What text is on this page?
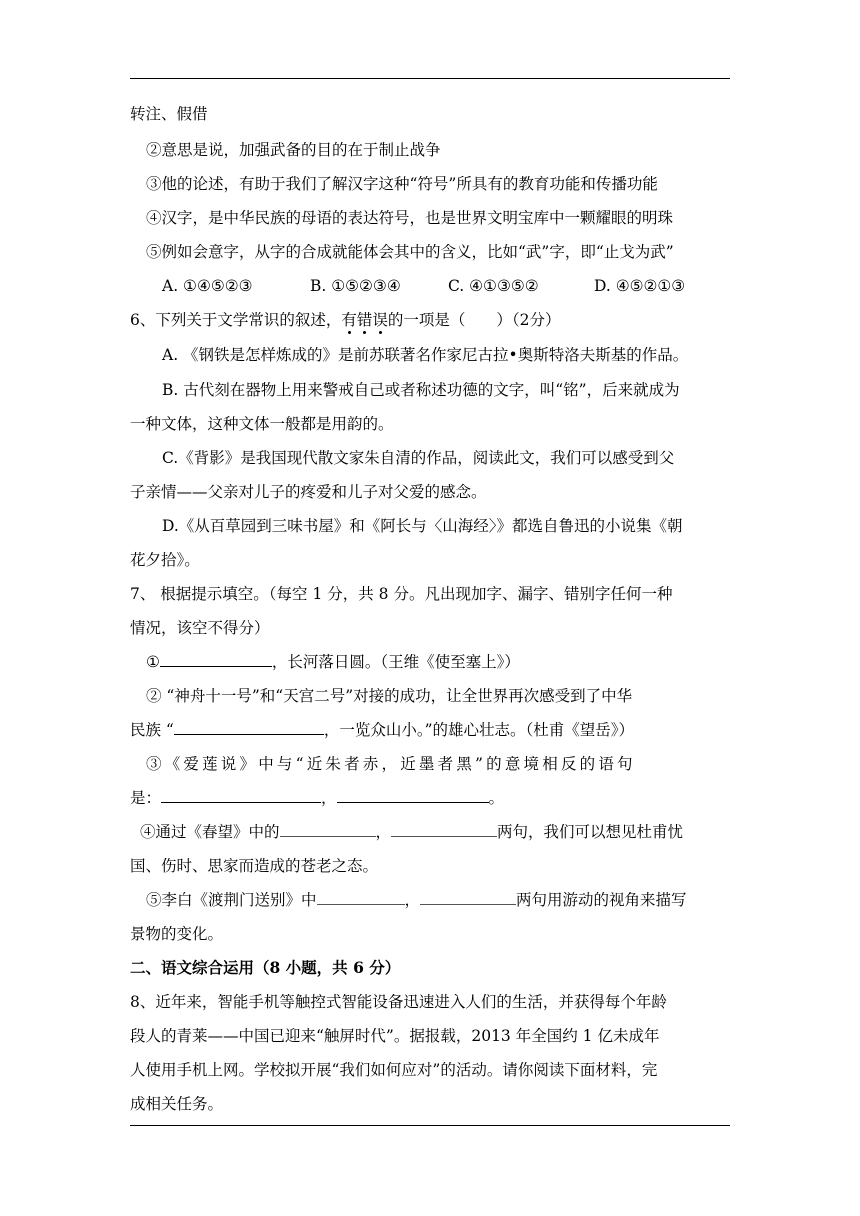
转注、假借
②意思是说，加强武备的目的在于制止战争
③他的论述，有助于我们了解汉字这种“符号”所具有的教育功能和传播功能
④汉字，是中华民族的母语的表达符号，也是世界文明宝库中一颗耀眼的明珠
⑤例如会意字，从字的合成就能体会其中的含义，比如“武”字，即“止戈为武”
A. ①④⑤②③	B. ①⑤②③④	C. ④①③⑤②	D. ④⑤②①③
6、下列关于文学常识的叙述，有错误的一项是（　　）（2分）
A. 《钢铁是怎样炼成的》是前苏联著名作家尼古拉•奥斯特洛夫斯基的作品。
B. 古代刻在器物上用来警戒自己或者称述功德的文字，叫“铭”，后来就成为
一种文体，这种文体一般都是用韵的。
C.《背影》是我国现代散文家朱自清的作品，阅读此文，我们可以感受到父
子亲情——父亲对儿子的疼爱和儿子对父爱的感念。
D.《从百草园到三味书屋》和《阿长与〈山海经〉》都选自鲁迅的小说集《朝
花夕拾》。
7、 根据提示填空。（每空 1 分，共 8 分。凡出现加字、漏字、错别字任何一种
情况，该空不得分）
①	，长河落日圆。（王维《使至塞上》）
② “神舟十一号”和“天宫二号”对接的成功，让全世界再次感受到了中华
民族 “	，一览众山小。”的雄心壮志。（杜甫《望岳》）
③《爱莲说》中与“近朱者赤，近墨者黑”的意境相反的语句
是：	，	。
④通过《春望》中的	，	两句，我们可以想见杜甫忧
国、伤时、思家而造成的苍老之态。
⑤李白《渡荆门送别》中	，	两句用游动的视角来描写
景物的变化。
二、语文综合运用（8 小题，共 6 分）
8、近年来，智能手机等触控式智能设备迅速进入人们的生活，并获得每个年龄
段人的青莱——中国已迎来“触屏时代”。据报载，2013 年全国约 1 亿未成年
人使用手机上网。学校拟开展“我们如何应对”的活动。请你阅读下面材料，完
成相关任务。
